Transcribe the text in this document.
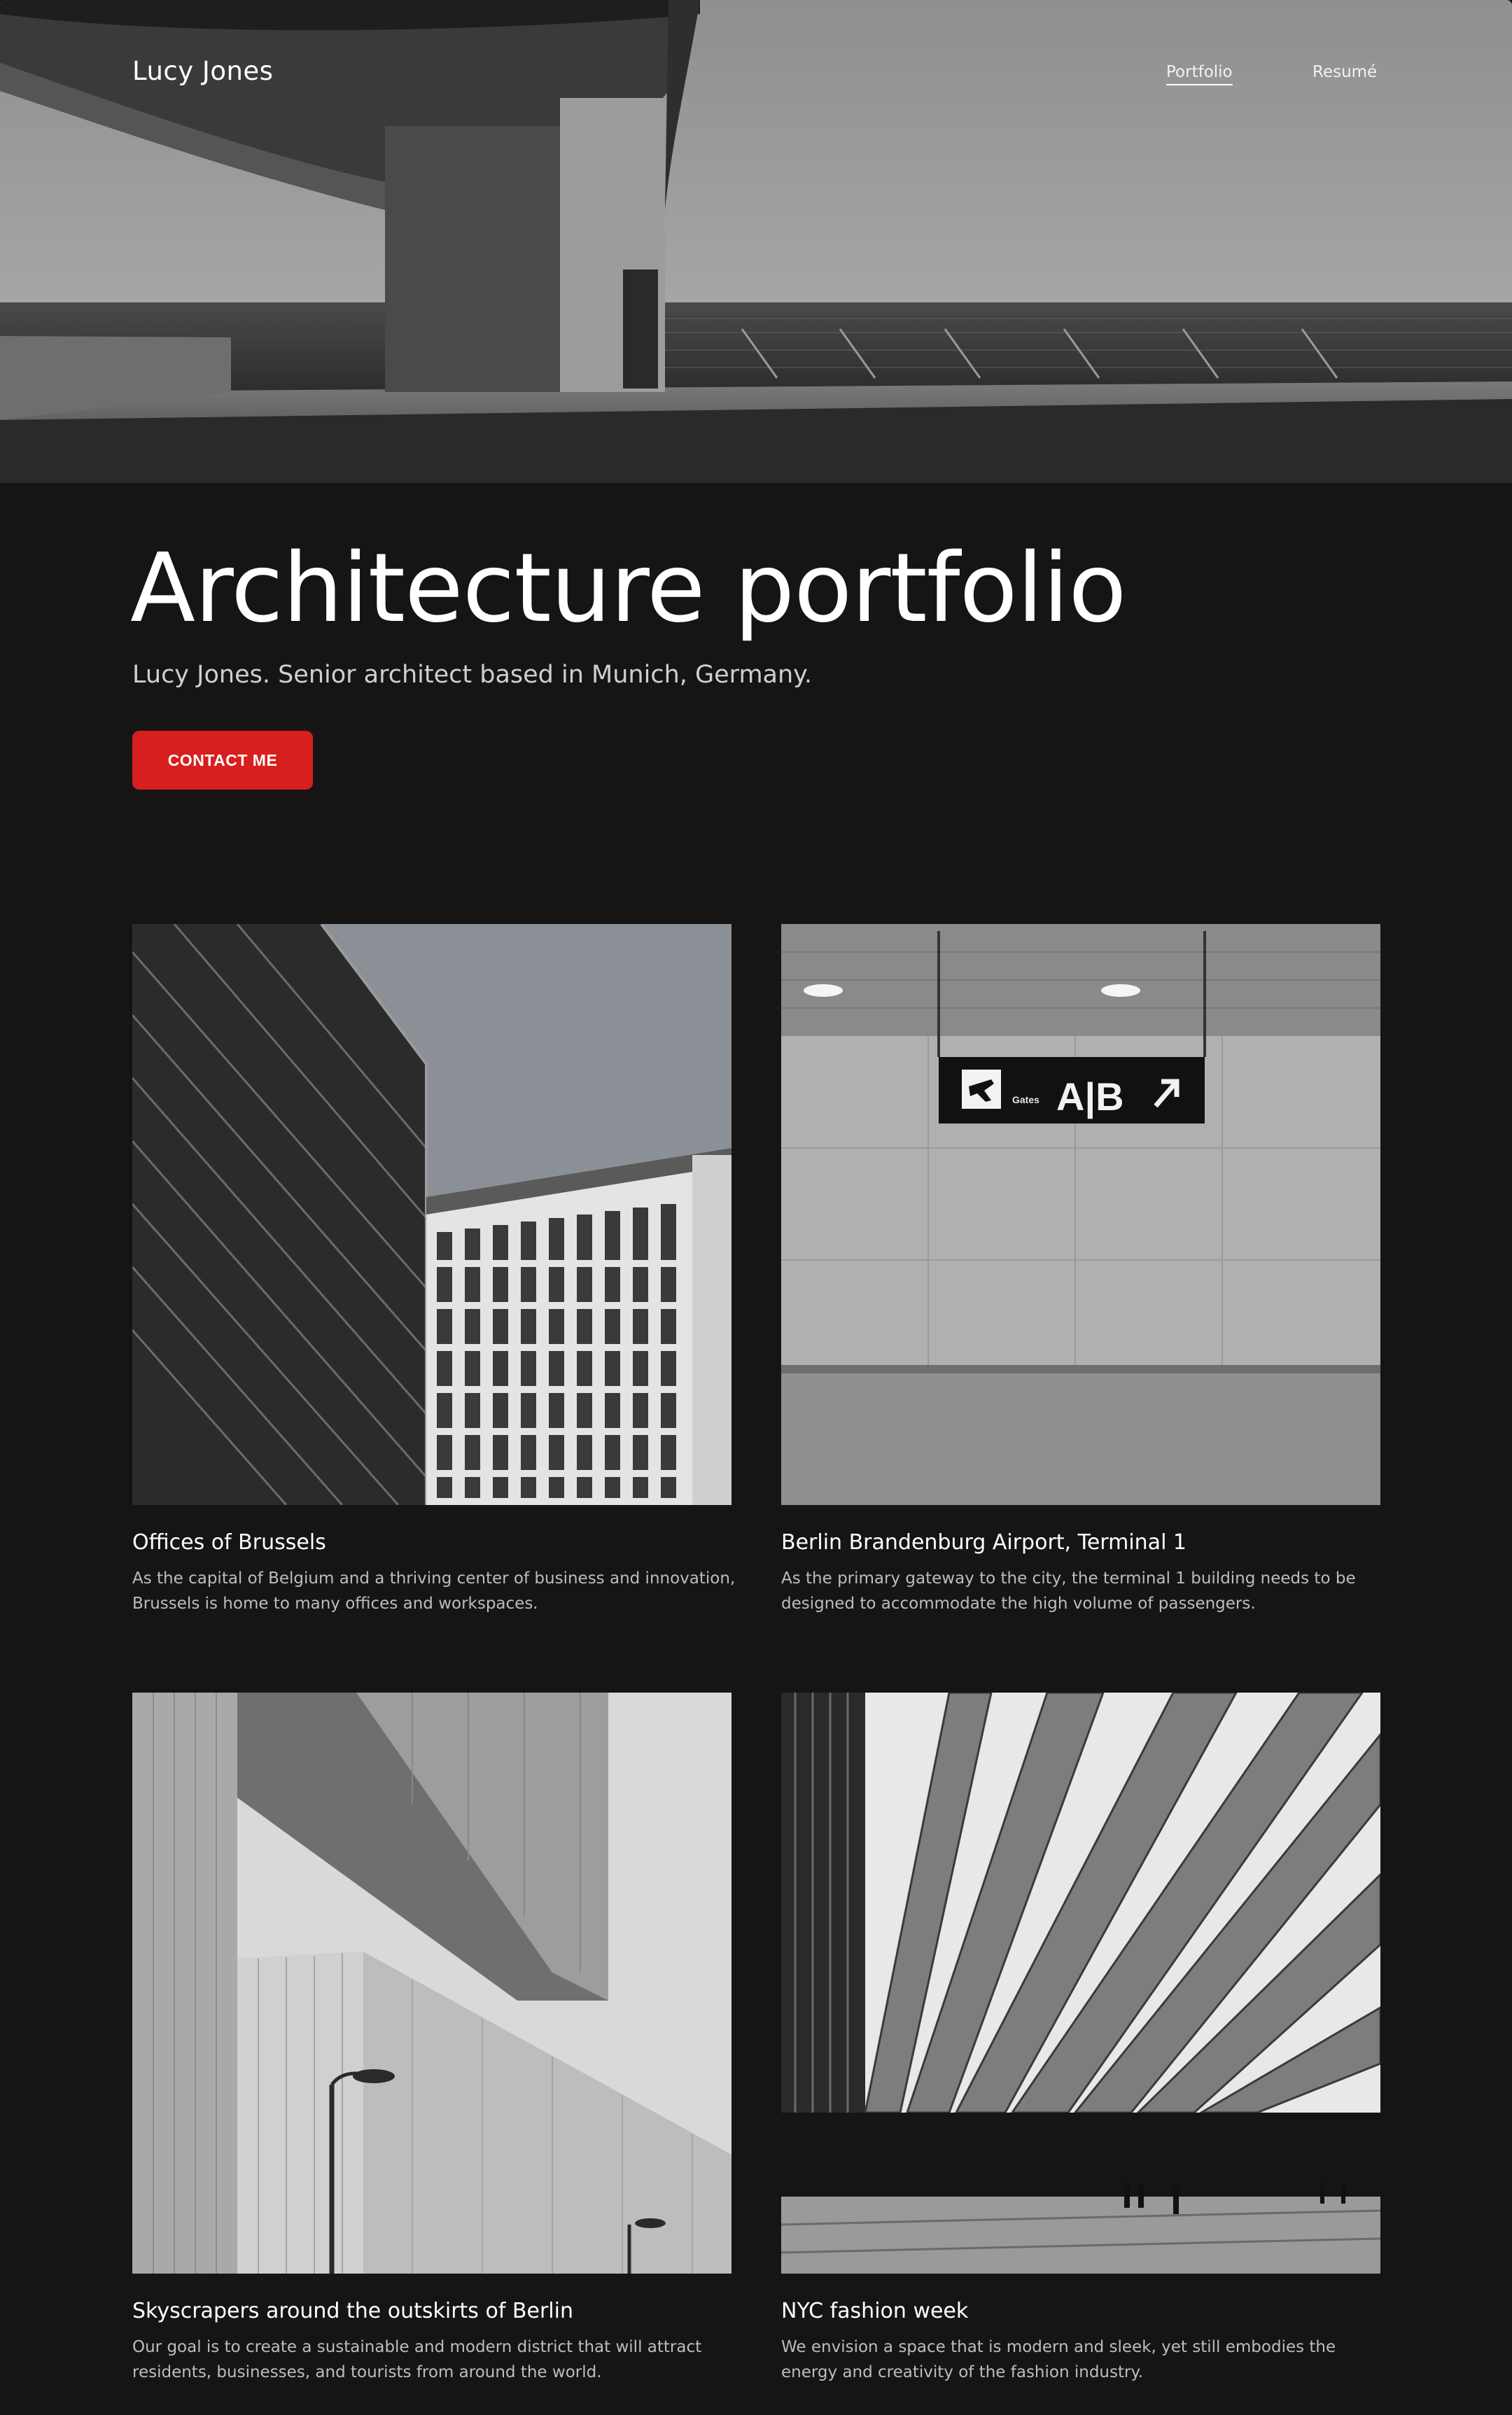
Lucy Jones	Portfolio	Resumé
Architecture portfolio

Lucy Jones. Senior architect based in Munich, Germany.

CONTACT ME
Offices of Brussels

As the capital of Belgium and a thriving center of business and innovation, Brussels is home to many offices and workspaces.

Gates A|B
Berlin Brandenburg Airport, Terminal 1

As the primary gateway to the city, the terminal 1 building needs to be designed to accommodate the high volume of passengers.

Skyscrapers around the outskirts of Berlin

Our goal is to create a sustainable and modern district that will attract residents, businesses, and tourists from around the world.

NYC fashion week

We envision a space that is modern and sleek, yet still embodies the energy and creativity of the fashion industry.
